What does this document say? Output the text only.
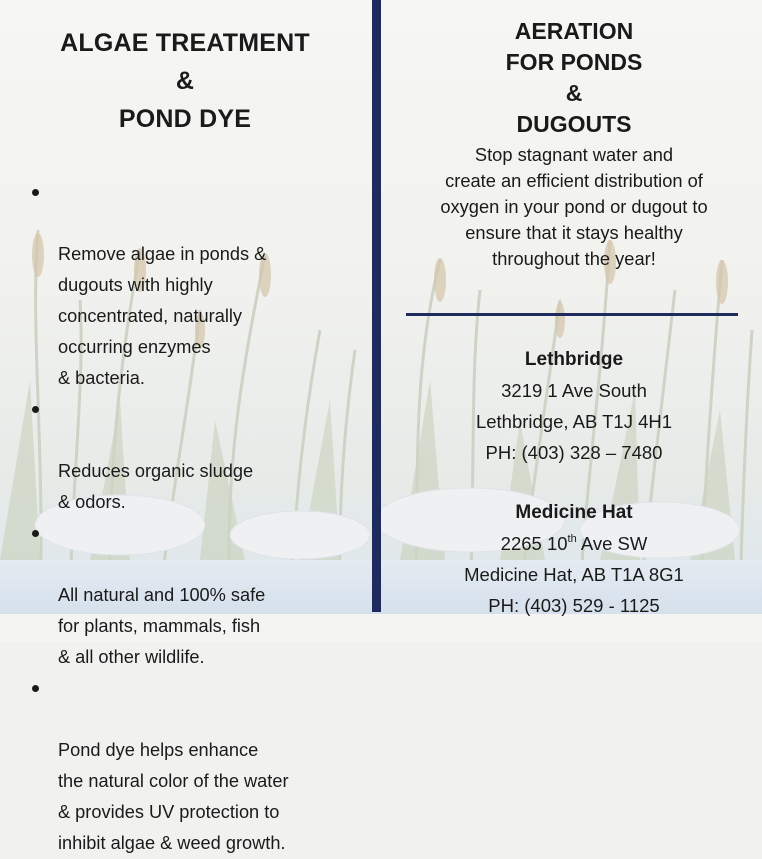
ALGAE TREATMENT
&
POND DYE

Remove algae in ponds &
dugouts with highly
concentrated, naturally
occurring enzymes
& bacteria.

Reduces organic sludge
& odors.

All natural and 100% safe
for plants, mammals, fish
& all other wildlife.

Pond dye helps enhance
the natural color of the water
& provides UV protection to
inhibit algae & weed growth.

AERATION
FOR PONDS
&
DUGOUTS
Stop stagnant water and
create an efficient distribution of
oxygen in your pond or dugout to
ensure that it stays healthy
throughout the year!
Lethbridge
3219 1 Ave South
Lethbridge, AB T1J 4H1
PH: (403) 328 – 7480
Medicine Hat
2265 10th Ave SW
Medicine Hat, AB T1A 8G1
PH: (403) 529 - 1125
